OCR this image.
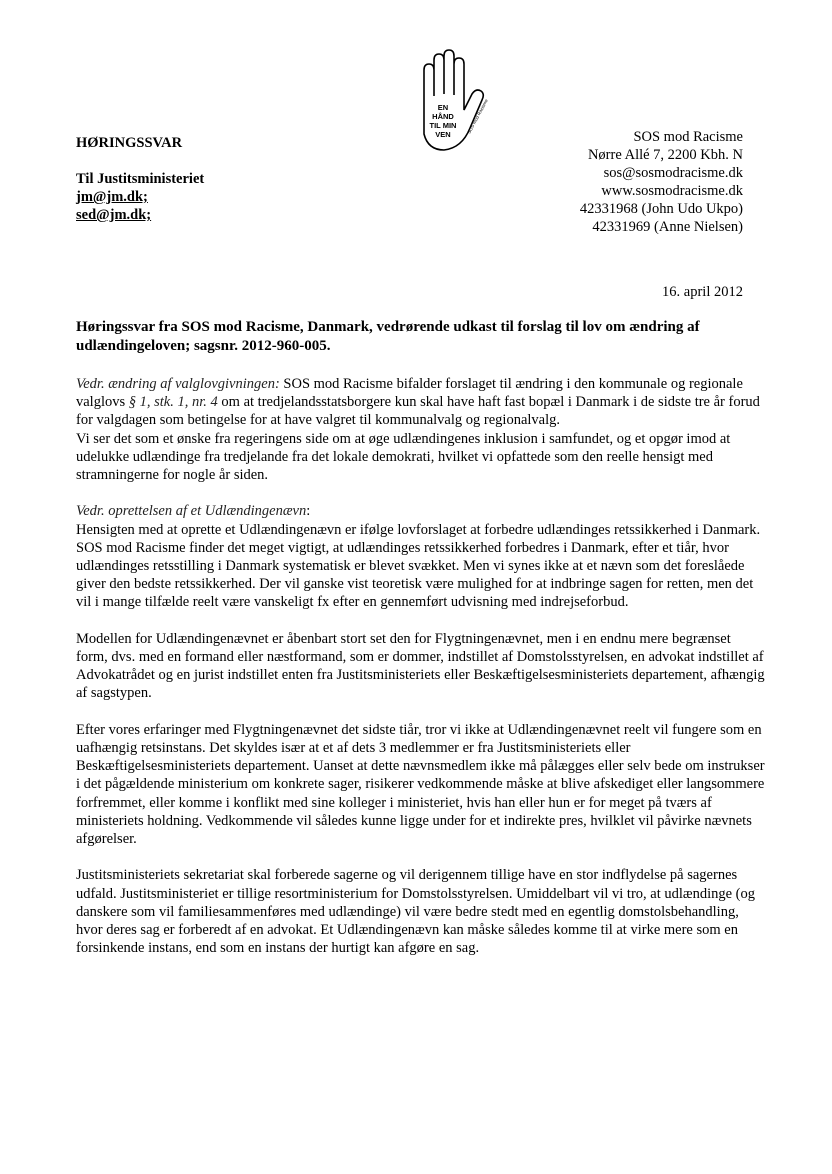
EN
HÅND
TIL MIN
VEN
SOS mod Racisme
HØRINGSSVAR
Til Justitsministeriet
jm@jm.dk;
sed@jm.dk;
SOS mod Racisme
Nørre Allé 7, 2200 Kbh. N
sos@sosmodracisme.dk
www.sosmodracisme.dk
42331968 (John Udo Ukpo)
42331969 (Anne Nielsen)
16. april 2012
Høringssvar fra SOS mod Racisme, Danmark, vedrørende udkast til forslag til lov om ændring af udlændingeloven; sagsnr. 2012-960-005.

Vedr. ændring af valglovgivningen: SOS mod Racisme bifalder forslaget til ændring i den kommunale og regionale valglovs § 1, stk. 1, nr. 4 om at tredjelandsstatsborgere kun skal have haft fast bopæl i Danmark i de sidste tre år forud for valgdagen som betingelse for at have valgret til kommunalvalg og regionalvalg.

Vi ser det som et ønske fra regeringens side om at øge udlændingenes inklusion i samfundet, og et opgør imod at udelukke udlændinge fra tredjelande fra det lokale demokrati, hvilket vi opfattede som den reelle hensigt med stramningerne for nogle år siden.

Vedr. oprettelsen af et Udlændingenævn:

Hensigten med at oprette et Udlændingenævn er ifølge lovforslaget at forbedre udlændinges retssikkerhed i Danmark. SOS mod Racisme finder det meget vigtigt, at udlændinges retssikkerhed forbedres i Danmark, efter et tiår, hvor udlændinges retsstilling i Danmark systematisk er blevet svækket. Men vi synes ikke at et nævn som det foreslåede giver den bedste retssikkerhed. Der vil ganske vist teoretisk være mulighed for at indbringe sagen for retten, men det vil i mange tilfælde reelt være vanskeligt fx efter en gennemført udvisning med indrejseforbud.

Modellen for Udlændingenævnet er åbenbart stort set den for Flygtningenævnet, men i en endnu mere begrænset form, dvs. med en formand eller næstformand, som er dommer, indstillet af Domstolsstyrelsen, en advokat indstillet af Advokatrådet og en jurist indstillet enten fra Justitsministeriets eller Beskæftigelsesministeriets departement, afhængig af sagstypen.

Efter vores erfaringer med Flygtningenævnet det sidste tiår, tror vi ikke at Udlændingenævnet reelt vil fungere som en uafhængig retsinstans. Det skyldes især at et af dets 3 medlemmer er fra Justitsministeriets eller Beskæftigelsesministeriets departement. Uanset at dette nævnsmedlem ikke må pålægges eller selv bede om instrukser i det pågældende ministerium om konkrete sager, risikerer vedkommende måske at blive afskediget eller langsommere forfremmet, eller komme i konflikt med sine kolleger i ministeriet, hvis han eller hun er for meget på tværs af ministeriets holdning. Vedkommende vil således kunne ligge under for et indirekte pres, hvilklet vil påvirke nævnets afgørelser.

Justitsministeriets sekretariat skal forberede sagerne og vil derigennem tillige have en stor indflydelse på sagernes udfald. Justitsministeriet er tillige resortministerium for Domstolsstyrelsen. Umiddelbart vil vi tro, at udlændinge (og danskere som vil familiesammenføres med udlændinge) vil være bedre stedt med en egentlig domstolsbehandling, hvor deres sag er forberedt af en advokat. Et Udlændingenævn kan måske således komme til at virke mere som en forsinkende instans, end som en instans der hurtigt kan afgøre en sag.
